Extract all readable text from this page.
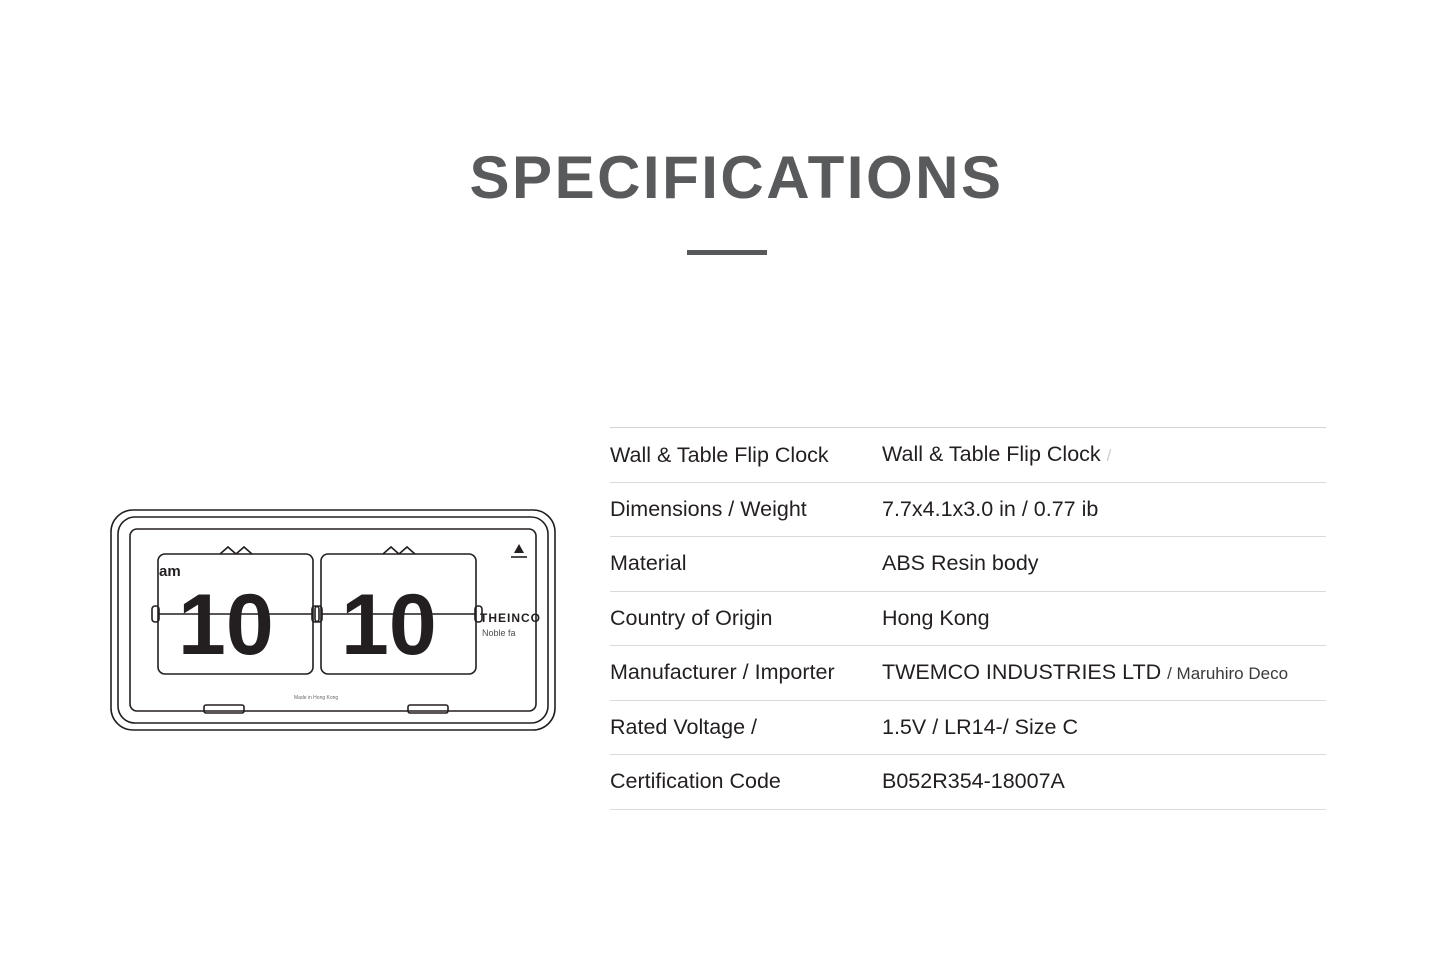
SPECIFICATIONS
10 10
am
THEINCO
Noble fa
Made in Hong Kong
Wall & Table Flip Clock	Wall & Table Flip Clock /
Dimensions / Weight	7.7x4.1x3.0 in / 0.77 ib
Material	ABS Resin body
Country of Origin	Hong Kong
Manufacturer / Importer	TWEMCO INDUSTRIES LTD / Maruhiro Deco
Rated Voltage /	1.5V / LR14-/ Size C
Certification Code	B052R354-18007A
